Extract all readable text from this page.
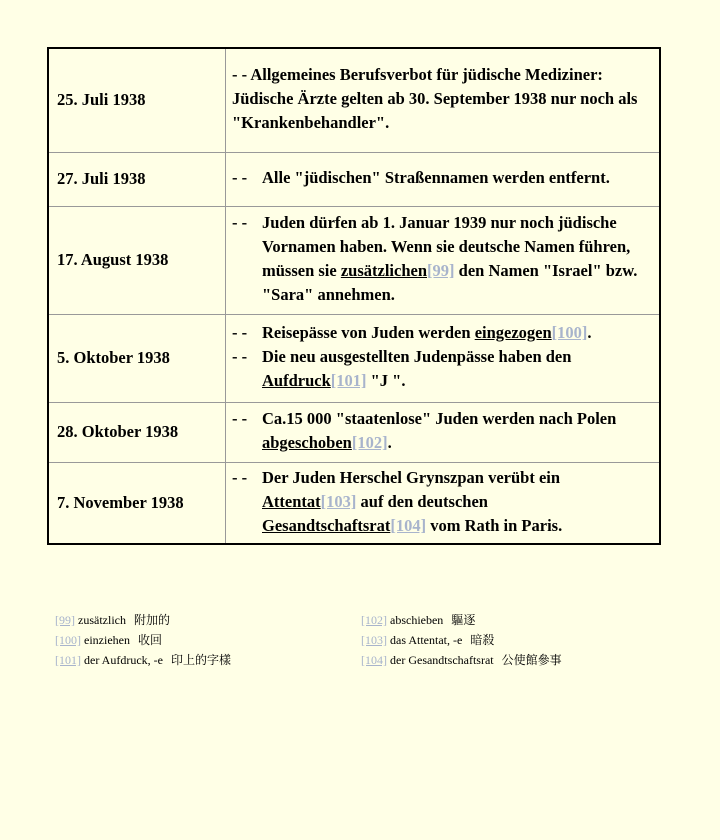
25. Juli 1938	- - Allgemeines Berufsverbot für jüdische Mediziner: Jüdische Ärzte gelten ab 30. September 1938 nur noch als "Krankenbehandler".

27. Juli 1938	- - Alle "jüdischen" Straßennamen werden entfernt.

17. August 1938	- - Juden dürfen ab 1. Januar 1939 nur noch jüdische Vornamen haben. Wenn sie deutsche Namen führen, müssen sie zusätzlichen[99] den Namen "Israel" bzw. "Sara" annehmen.

5. Oktober 1938	- - Reisepässe von Juden werden eingezogen[100].
- - Die neu ausgestellten Judenpässe haben den Aufdruck[101] "J ".

28. Oktober 1938	- - Ca.15 000 "staatenlose" Juden werden nach Polen abgeschoben[102].

7. November 1938	- - Der Juden Herschel Grynszpan verübt ein Attentat[103] auf den deutschen Gesandtschaftsrat[104] vom Rath in Paris.
[99] zusätzlich 附加的
[100] einziehen 收回
[101] der Aufdruck, -e 印上的字樣
[102] abschieben 驅逐
[103] das Attentat, -e 暗殺
[104] der Gesandtschaftsrat 公使館參事
